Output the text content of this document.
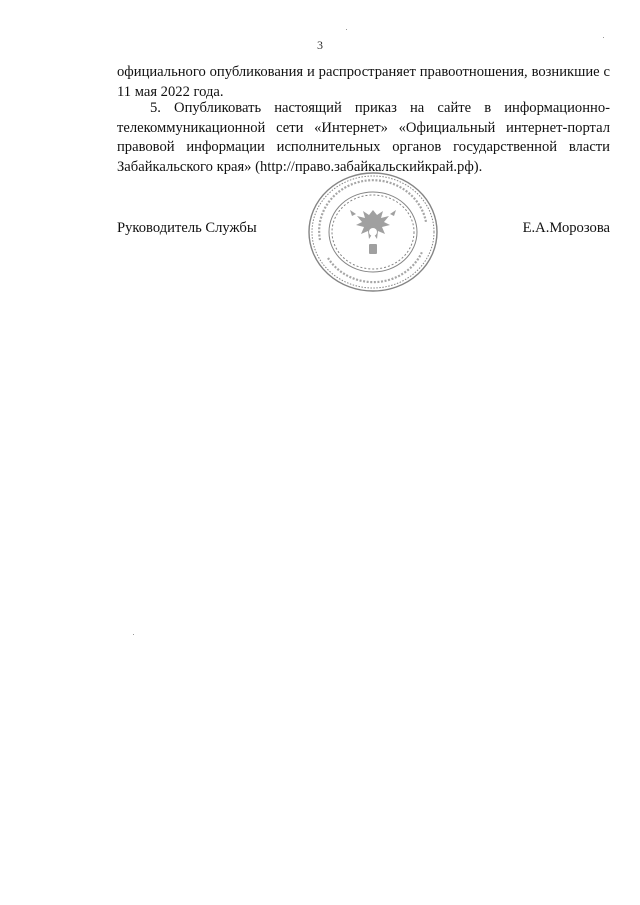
3

официального опубликования и распространяет правоотношения, возникшие с 11 мая 2022 года.

5. Опубликовать настоящий приказ на сайте в информационно-телекоммуникационной сети «Интернет» «Официальный интернет-портал правовой информации исполнительных органов государственной власти Забайкальского края» (http://право.забайкальскийкрай.рф).

Руководитель Службы	Е.А.Морозова
